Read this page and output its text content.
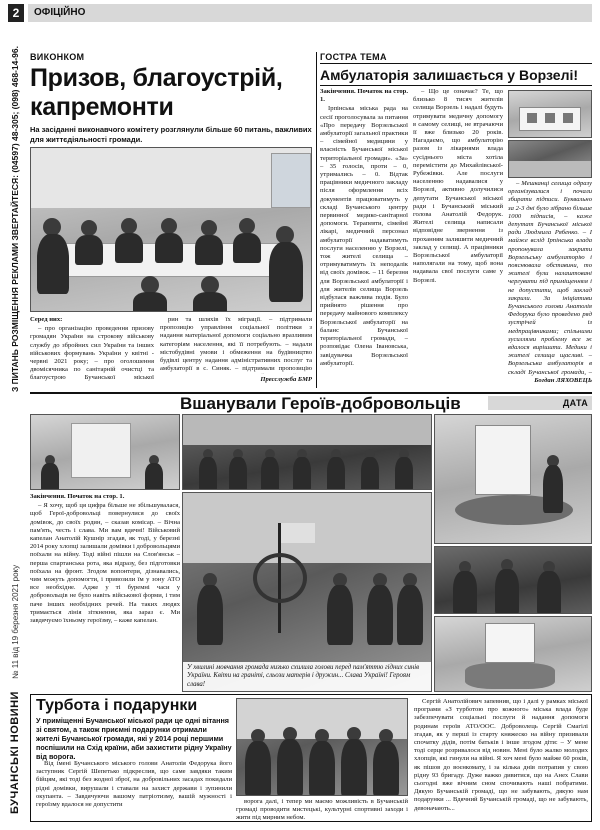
2	ОФІЦІЙНО
БУЧАНСЬКІ НОВИНИ
№ 11 від 19 березня 2021 року
З ПИТАНЬ РОЗМІЩЕННЯ РЕКЛАМИ ЗВЕРТАЙТЕСЯ: (04597) 48-305; (098) 468-14-96. ВИКОНКОМ
Призов, благоустрій,
капремонти
На засіданні виконавчого комітету розглянули більше 60 питань, важливих для життєдіяльності громади.

Серед них:

– про організацію проведення призову громадян України на строкову військову службу до збройних сил України та інших військових формувань України у квітні - червні 2021 року; – про оголошення двомісячника по санітарній очистці та благоустрою Бучанської міської

рин та шляхів їх міграції. – підтримали пропозицію управління соціальної політики з надання матеріальної допомоги соціально вразливим категоріям населення, які її потребують. – надали містобудівні умови і обмеження на будівництво будівлі центру надання адміністративних послуг та амбулаторії в с. Синяк. – підтримали пропозицію

Пресслужба БМР

ГОСТРА ТЕМА
Амбулаторія залишається у Ворзелі!

Закінчення. Початок на стор. 1.

Ірпінська міська рада на сесії проголосувала за питання «Про передачу Ворзельської амбулаторії загальної практики – сімейної медицини у власність Бучанської міської територіальної громади». «За» – 35 голосів, проти – 0, утримались – 0. Відтак працівники медичного закладу після оформлення всіх документів працюватимуть у складі Бучанського центру первинної медико-санітарної допомоги. Терапевти, сімейні лікарі, медичний персонал амбулаторії надаватимуть послуги населенню у Ворзелі, тож жителі селища – отримуватимуть їх неподалік від своїх домівок. – 11 березня для Ворзельської амбулаторії і для жителів селища Ворзель відбулася важлива подія. Було прийнято рішення про передачу майнового комплексу Ворзельської амбулаторії на баланс Бучанської територіальної громади, – розповідає Олена Івановська, завідувачка Ворзельської амбулаторії.

– Що це означає? Те, що близько 8 тисяч жителів селища Ворзель і надалі будуть отримувати медичну допомогу в самому селищі, не втрачаючи її вже близько 20 років. Нагадаємо, що амбулаторію разом із лікарнями влада сусіднього міста хотіла перемістити до Михайлівської-Рубежівки. Але послуги населенню надавалися у Ворзелі, активно долучилися депутати Бучанської міської ради і Бучанський міський голова Анатолій Федорук. Жителі селища написали відповідне звернення із проханням залишити медичний заклад у селищі. А працівники Ворзельської амбулаторії наполягали на тому, щоб вона надавала свої послуги саме у Ворзелі.

– Мешканці селища одразу організувалися і почали збирати підписи. Буквально за 2-3 дні було зібрано більше 1000 підписів, – каже депутат Бучанської міської ради Людмила Рябенко. – І майже вслід Ірпінська влада пропонувала закрити Ворзельську амбулаторію і пояснювала обставини, то жителі були налаштовані чергувати під приміщенням і не допустити, щоб заклад закрили. За ініціативи Бучанського голови Анатолія Федорука було проведено ряд зустрічей із медпрацівниками; спільними зусиллями проблему все ж вдалося вирішити. Медики і жителі селища щасливі. – Ворзельська амбулаторія в складі Бучанської громади, –

Богдан ЛЯХОВЕЦЬ

ДАТА
Вшанували Героїв-добровольців

Закінчення. Початок на стор. 1.

– Я хочу, щоб ця цифра більше не збільшувалася, щоб Герої-добровольці повернулися до своїх домівок, до своїх родин, – сказав комісар. – Вічна пам'ять, честь і слава. Ми вам вдячні! Військовий капелан Анатолій Кушнір згадав, як тоді, у березні 2014 року хлопці залишали домівки і добровольцями поїхали на війну. Тоді війні пішли на Слов'янськ – перша спартанська рота, яка відразу, без підготовки поїхала на фронт. Згодом вопонтери, дізнавались, чим можуть допомогти, і привозили їм у зону АТО все необхідне. Адже у ті буремні часи у добровольців не було навіть військової форми, і тим паче інших необхідних речей. На таких людях тримається лінія зіткнення, яка зараз є. Ми завдячуємо їхньому героїзму, – каже капелан.

У хвилині мовчання громада низько схилила голови перед пам'яттю гідних синів України. Квіти на граніті, сльози матерів і дружин... Слава Україні! Героям слава!
Турбота і подарунки
У приміщенні Бучанської міської ради це одні вітання зі святом, а також приємні подарунки отримали жителі Бучанської громади, які у 2014 році першими поспішили на Схід країни, аби захистити рідну Україну від ворога.

Від імені Бучанського міського голови Анатолія Федорука його заступник Сергій Шепетько підкреслив, що саме завдяки таким бійцям, які тоді без жодної зброї, на добровільних засадах покидали рідні домівки, вирушали і ставали на захист держави і зупинили окупанта. – Завдячуючи вашому патріотизму, вашій мужності і героїзму вдалося не допустити	ворога далі, і тепер ми маємо можливість в Бучанській громаді проводити мистецькі, культурні спортивні заходи і жити під мирним небом.

Сергій Анатолійович запевнив, що і далі у рамках міської програми «З турботою про кожного» міська влада буде забезпечувати соціальні послуги й надання допомоги родинам героїв АТО/ООС. Доброволець Сергій Смагілі згадав, як у перші із старту княжеско на війну призивали спочатку дідів, потім батьків і інше згодом діти: – У мене тоді серце розривалося від новин. Мені було жалко молодих хлопців, які гинули на війні. Я хоч мені було майже 60 років, як пішов до воєнкомату, і за кілька днів потрапив у свою рідну 93 бригаду. Дуже важко дивитися, що на Анех Слави сьогодні вже вічним сном спочивають наші побратими. Дякую Бучанській громаді, що не забувають, дякую нам подарунки ... Вдячний Бучанській громаді, що не забувають, девоначають...
